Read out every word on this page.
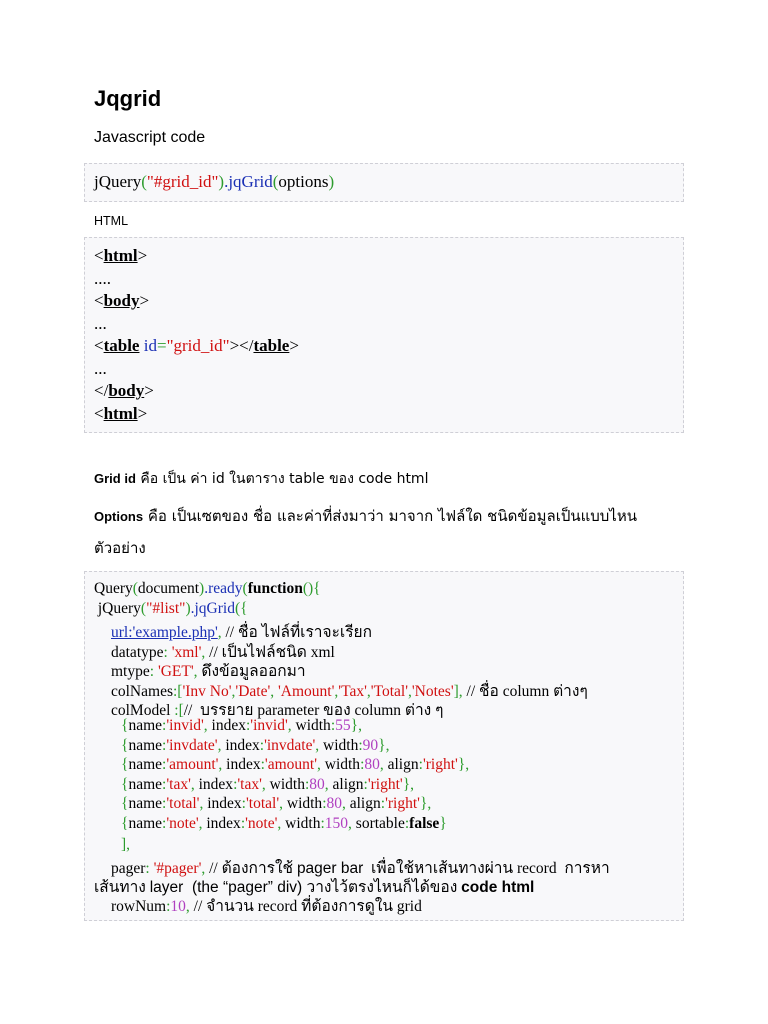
Jqgrid
Javascript code
jQuery("#grid_id").jqGrid(options)
HTML
<html>
....
<body>
...
<table id="grid_id"></table>
...
</body>
<html>
Grid id คือ เป็น ค่า id ในตาราง table ของ code html
Options คือ เป็นเซตของ ชื่อ และค่าที่ส่งมาว่า มาจาก ไฟล์ใด ชนิดข้อมูลเป็นแบบไหน
ตัวอย่าง
Query(document).ready(function(){
jQuery("#list").jqGrid({
url:'example.php', // ชื่อ ไฟล์ที่เราจะเรียก
datatype: 'xml', // เป็นไฟล์ชนิด xml
mtype: 'GET', ดึงข้อมูลออกมา
colNames:['Inv No','Date', 'Amount','Tax','Total','Notes'], // ชื่อ column ต่างๆ
colModel :[//  บรรยาย parameter ของ column ต่าง ๆ
{name:'invid', index:'invid', width:55},
{name:'invdate', index:'invdate', width:90},
{name:'amount', index:'amount', width:80, align:'right'},
{name:'tax', index:'tax', width:80, align:'right'},
{name:'total', index:'total', width:80, align:'right'},
{name:'note', index:'note', width:150, sortable:false}
],
pager: '#pager', // ต้องการใช้ pager bar  เพื่อใช้หาเส้นทางผ่าน record  การหา
เส้นทาง layer  (the “pager” div) วางไว้ตรงไหนก็ได้ของ code html
rowNum:10, // จำนวน record ที่ต้องการดูใน grid
